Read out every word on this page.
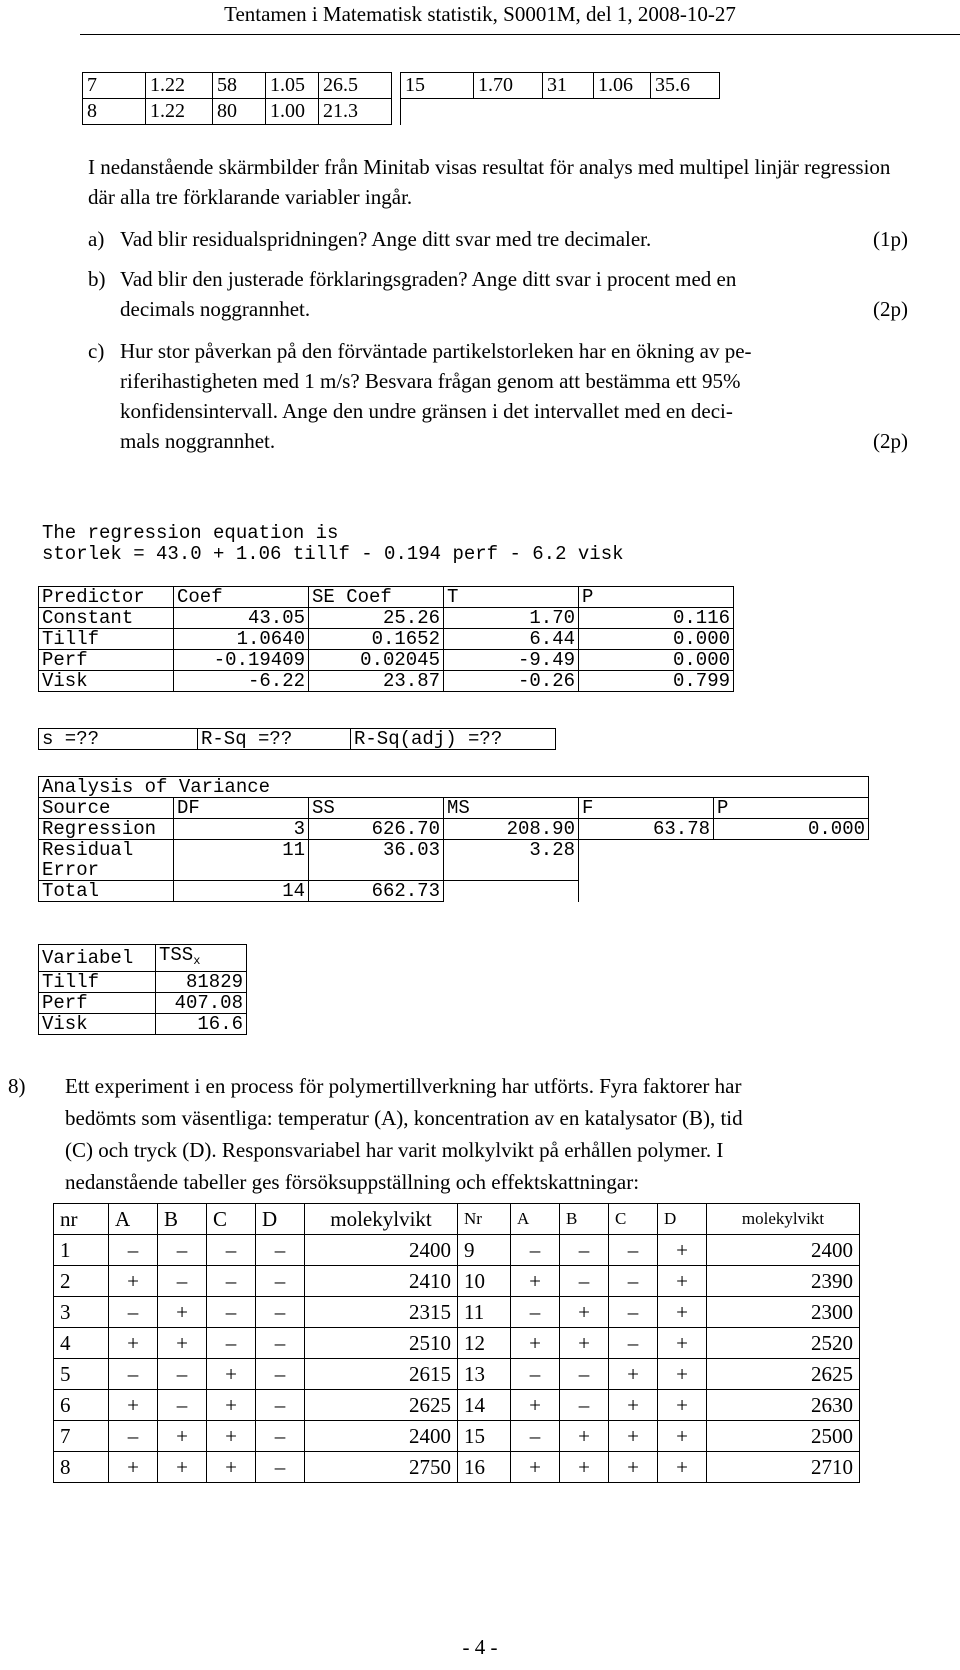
Tentamen i Matematisk statistik, S0001M, del 1, 2008-10-27
7	1.22	58	1.05	26.5		15	1.70	31	1.06	35.6
8	1.22	80	1.00	21.3						
I nedanstående skärmbilder från Minitab visas resultat för analys med multipel linjär regression där alla tre förklarande variabler ingår.
a) Vad blir residualspridningen? Ange ditt svar med tre decimaler.	(1p)
b) Vad blir den justerade förklaringsgraden? Ange ditt svar i procent med en
decimals noggrannhet.	(2p)
c) Hur stor påverkan på den förväntade partikelstorleken har en ökning av pe-
riferihastigheten med 1 m/s? Besvara frågan genom att bestämma ett 95%
konfidensintervall. Ange den undre gränsen i det intervallet med en deci-
mals noggrannhet.	(2p)
The regression equation is
storlek = 43.0 + 1.06 tillf - 0.194 perf - 6.2 visk
Predictor	Coef	SE Coef	T	P
Constant	43.05	25.26	1.70	0.116
Tillf	1.0640	0.1652	6.44	0.000
Perf	-0.19409	0.02045	-9.49	0.000
Visk	-6.22	23.87	-0.26	0.799
s =??	R-Sq =??	R-Sq(adj) =??
Analysis of Variance					
Source	DF	SS	MS	F	P
Regression	3	626.70	208.90	63.78	0.000
Residual	11	36.03	3.28		
Error					
Total	14	662.73			
Variabel	$TSS_x$
Tillf	81829
Perf	407.08
Visk	16.6
8) Ett experiment i en process för polymertillverkning har utförts. Fyra faktorer har
bedömts som väsentliga: temperatur (A), koncentration av en katalysator (B), tid
(C) och tryck (D). Responsvariabel har varit molkylvikt på erhållen polymer. I
nedanstående tabeller ges försöksuppställning och effektskattningar:
nr	A	B	C	D	molekylvikt	Nr	A	B	C	D	molekylvikt
1	–	–	–	–	2400	9	–	–	–	+	2400
2	+	–	–	–	2410	10	+	–	–	+	2390
3	–	+	–	–	2315	11	–	+	–	+	2300
4	+	+	–	–	2510	12	+	+	–	+	2520
5	–	–	+	–	2615	13	–	–	+	+	2625
6	+	–	+	–	2625	14	+	–	+	+	2630
7	–	+	+	–	2400	15	–	+	+	+	2500
8	+	+	+	–	2750	16	+	+	+	+	2710
- 4 -
